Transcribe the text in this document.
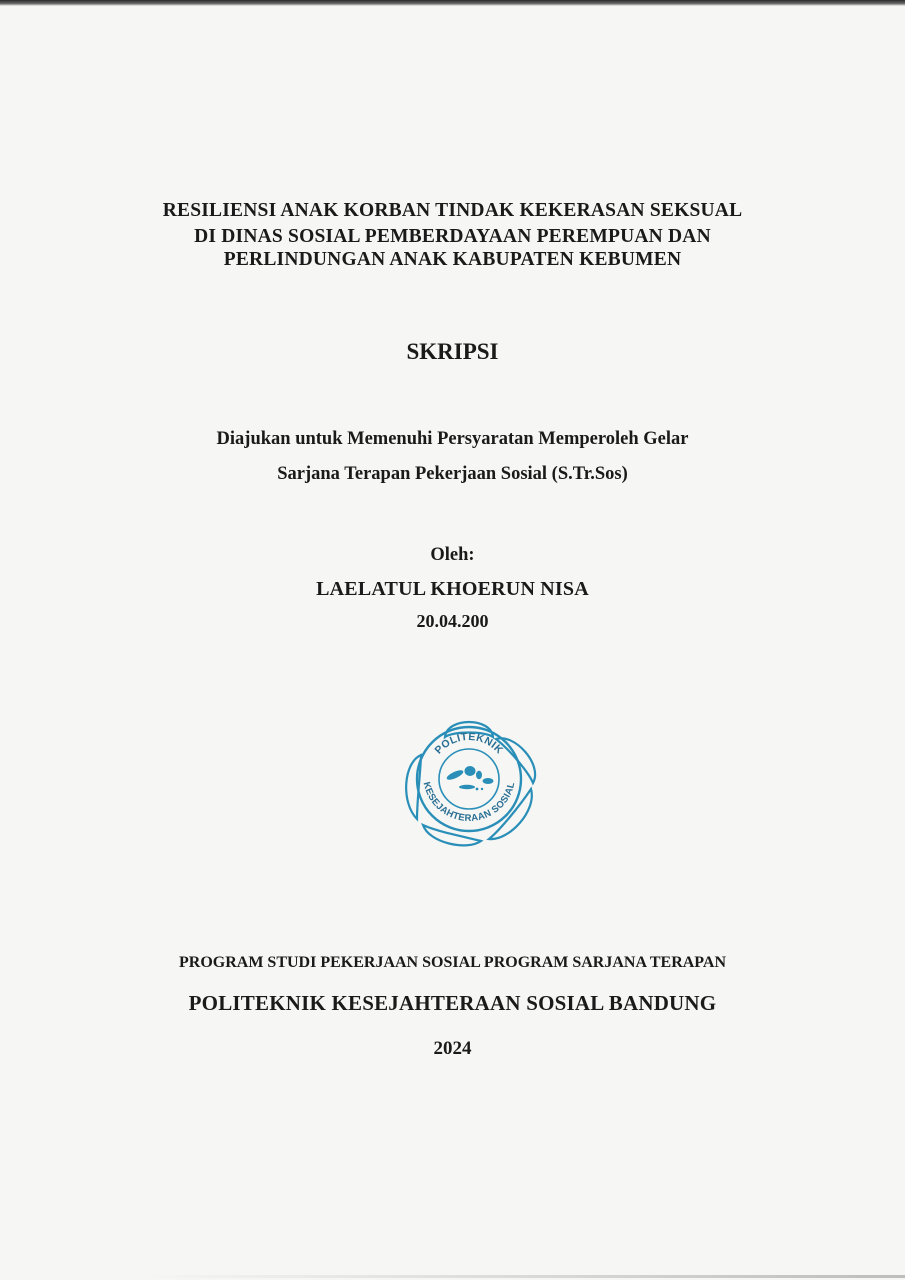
RESILIENSI ANAK KORBAN TINDAK KEKERASAN SEKSUAL
DI DINAS SOSIAL PEMBERDAYAAN PEREMPUAN DAN
PERLINDUNGAN ANAK KABUPATEN KEBUMEN
SKRIPSI
Diajukan untuk Memenuhi Persyaratan Memperoleh Gelar
Sarjana Terapan Pekerjaan Sosial (S.Tr.Sos)
Oleh:
LAELATUL KHOERUN NISA
20.04.200
POLITEKNIK
KESEJAHTERAAN SOSIAL
PROGRAM STUDI PEKERJAAN SOSIAL PROGRAM SARJANA TERAPAN
POLITEKNIK KESEJAHTERAAN SOSIAL BANDUNG
2024
